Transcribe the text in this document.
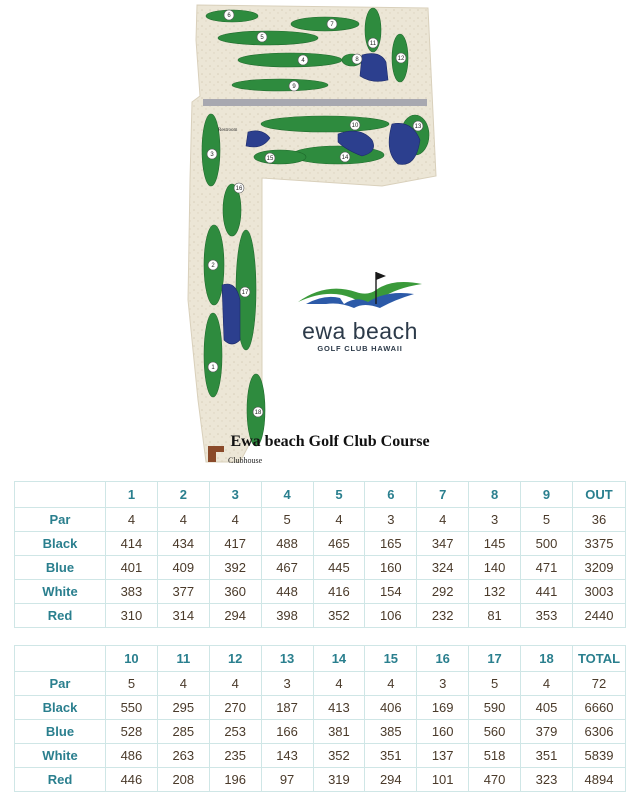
6
5
7
4
9
11
12
8
10	13
14
15
3
16
2
17
1
18
Restroom
ewa beach
GOLF CLUB HAWAII
Ewa beach Golf Club Course
Clubhouse
	1	2	3	4	5	6	7	8	9	OUT
Par	4	4	4	5	4	3	4	3	5	36
Black	414	434	417	488	465	165	347	145	500	3375
Blue	401	409	392	467	445	160	324	140	471	3209
White	383	377	360	448	416	154	292	132	441	3003
Red	310	314	294	398	352	106	232	81	353	2440
	10	11	12	13	14	15	16	17	18	TOTAL
Par	5	4	4	3	4	4	3	5	4	72
Black	550	295	270	187	413	406	169	590	405	6660
Blue	528	285	253	166	381	385	160	560	379	6306
White	486	263	235	143	352	351	137	518	351	5839
Red	446	208	196	97	319	294	101	470	323	4894
